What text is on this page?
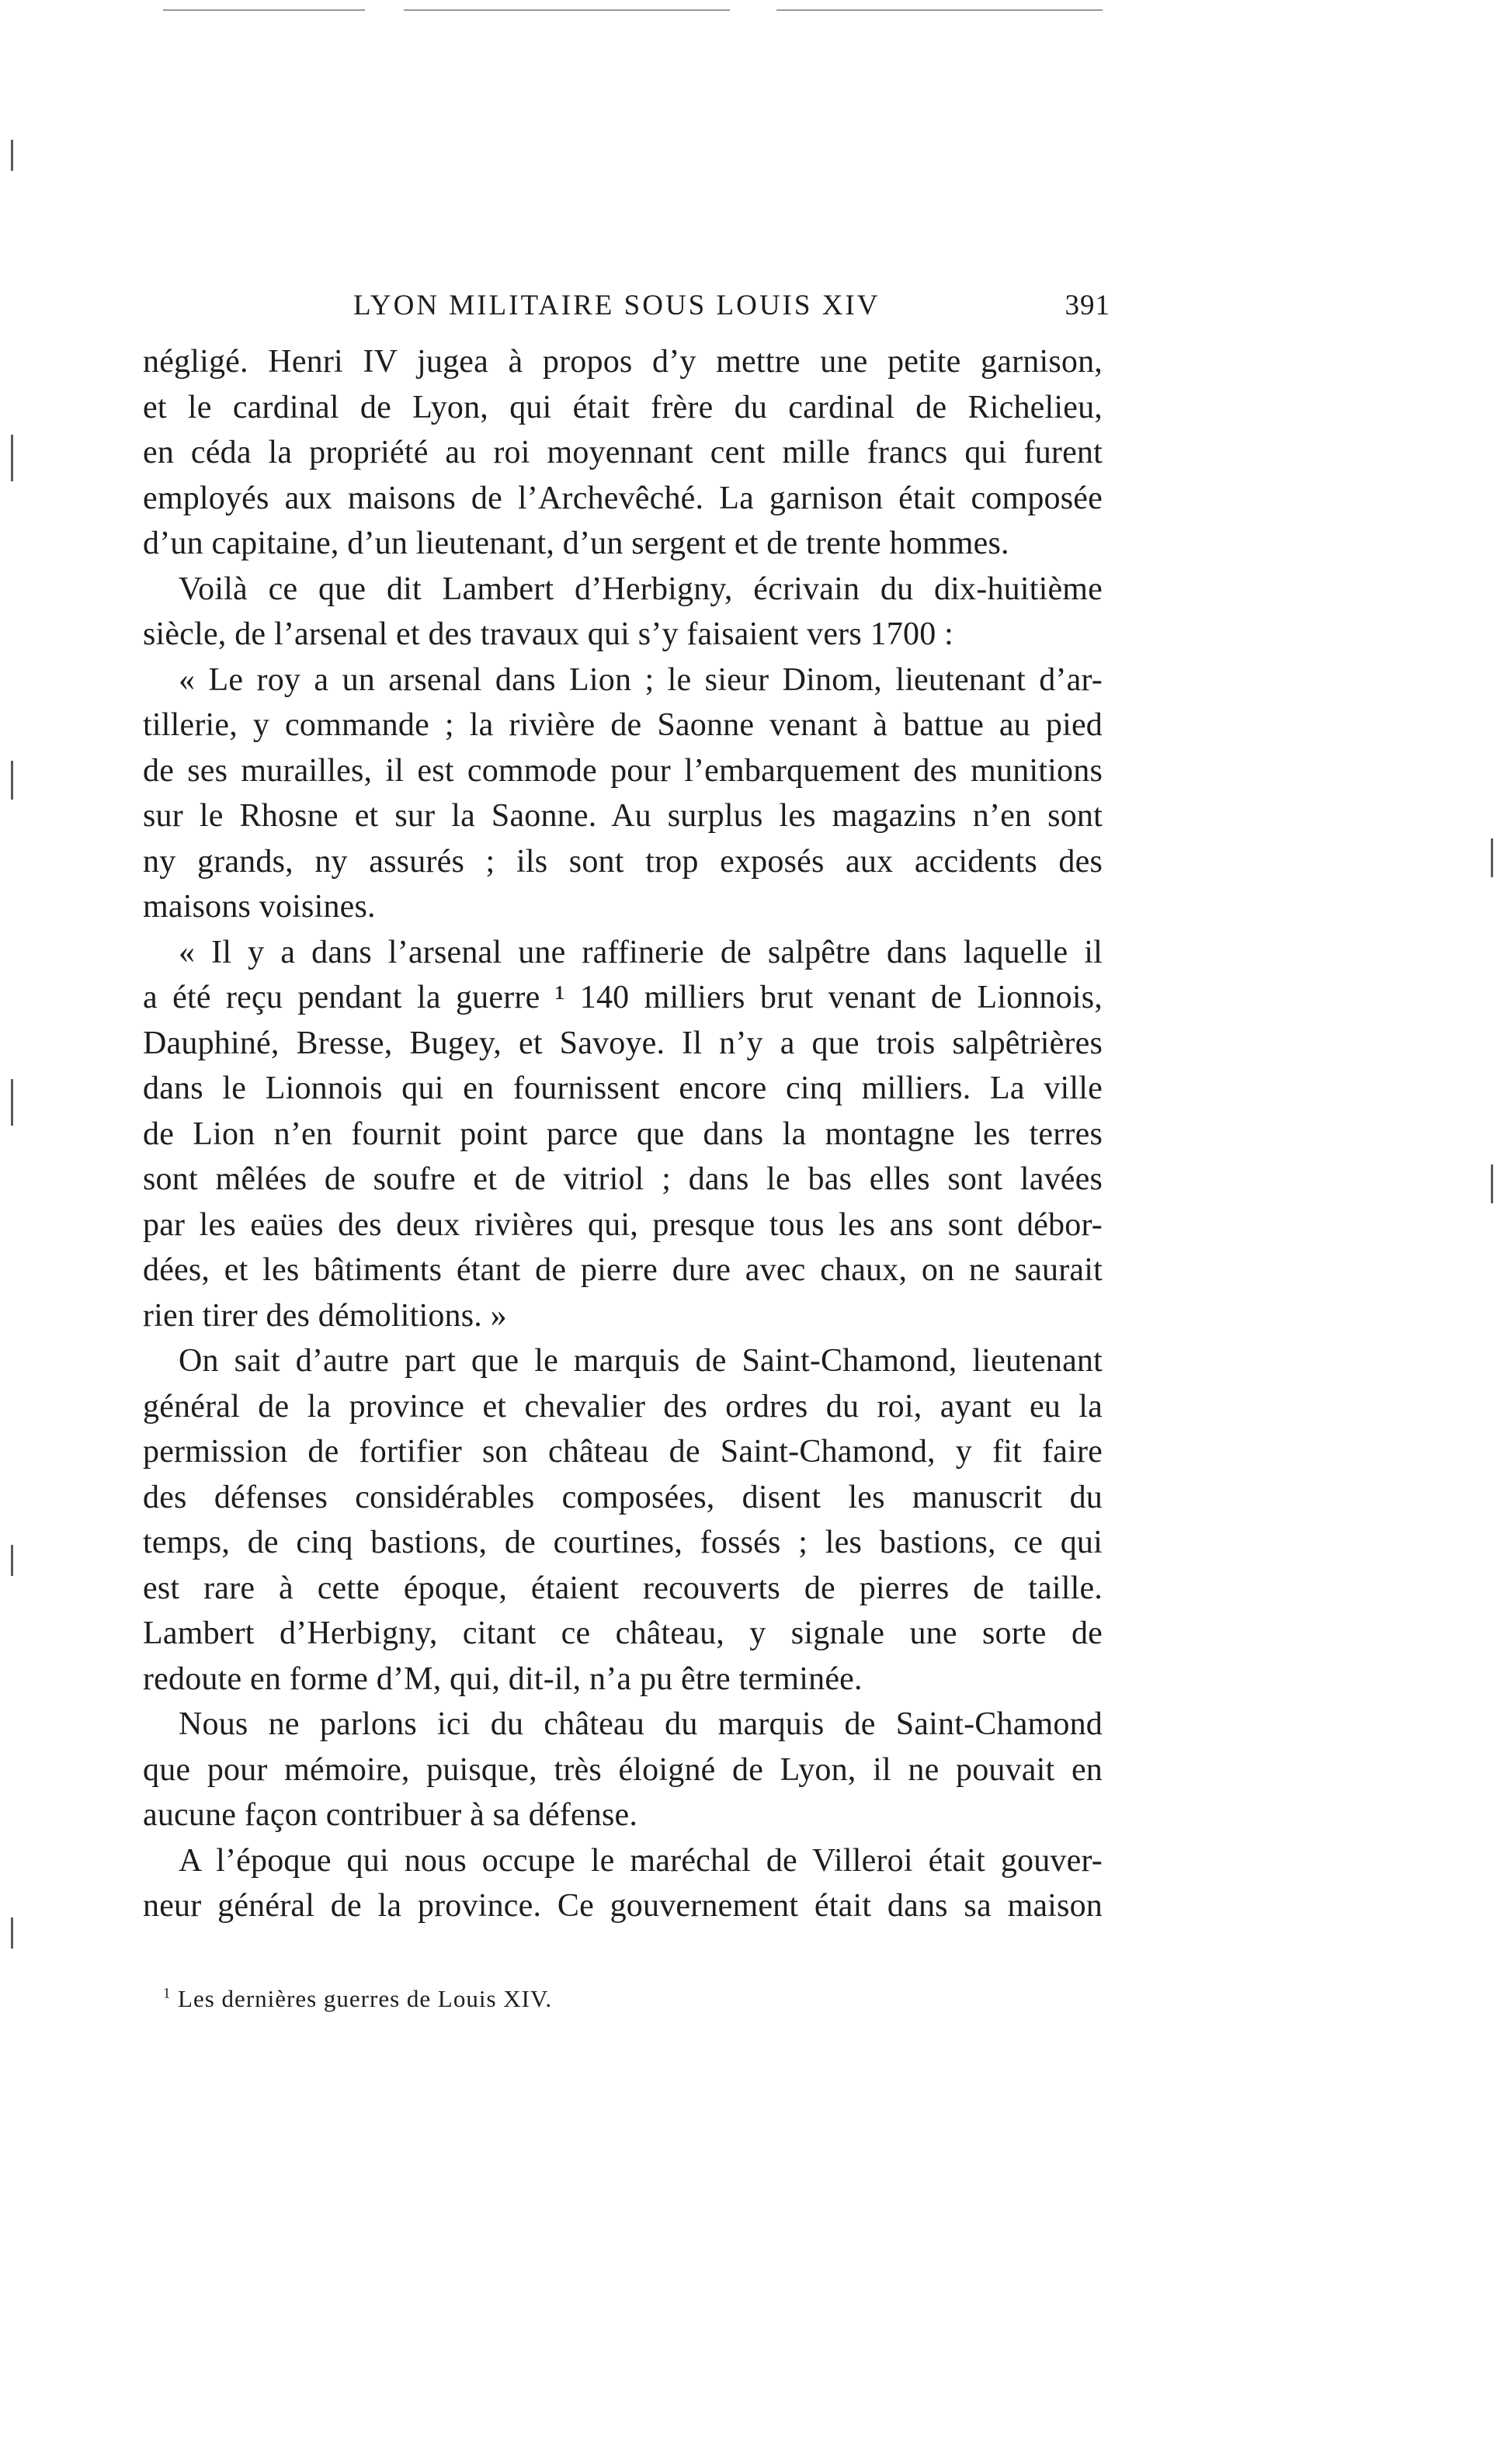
LYON MILITAIRE SOUS LOUIS XIV	391
négligé. Henri IV jugea à propos d’y mettre une petite garnison,
et le cardinal de Lyon, qui était frère du cardinal de Richelieu,
en céda la propriété au roi moyennant cent mille francs qui furent
employés aux maisons de l’Archevêché. La garnison était composée
d’un capitaine, d’un lieutenant, d’un sergent et de trente hommes.
Voilà ce que dit Lambert d’Herbigny, écrivain du dix-huitième
siècle, de l’arsenal et des travaux qui s’y faisaient vers 1700 :
« Le roy a un arsenal dans Lion ; le sieur Dinom, lieutenant d’ar-
tillerie, y commande ; la rivière de Saonne venant à battue au pied
de ses murailles, il est commode pour l’embarquement des munitions
sur le Rhosne et sur la Saonne. Au surplus les magazins n’en sont
ny grands, ny assurés ; ils sont trop exposés aux accidents des
maisons voisines.
« Il y a dans l’arsenal une raffinerie de salpêtre dans laquelle il
a été reçu pendant la guerre ¹ 140 milliers brut venant de Lionnois,
Dauphiné, Bresse, Bugey, et Savoye. Il n’y a que trois salpêtrières
dans le Lionnois qui en fournissent encore cinq milliers. La ville
de Lion n’en fournit point parce que dans la montagne les terres
sont mêlées de soufre et de vitriol ; dans le bas elles sont lavées
par les eaües des deux rivières qui, presque tous les ans sont débor-
dées, et les bâtiments étant de pierre dure avec chaux, on ne saurait
rien tirer des démolitions. »
On sait d’autre part que le marquis de Saint-Chamond, lieutenant
général de la province et chevalier des ordres du roi, ayant eu la
permission de fortifier son château de Saint-Chamond, y fit faire
des défenses considérables composées, disent les manuscrit du
temps, de cinq bastions, de courtines, fossés ; les bastions, ce qui
est rare à cette époque, étaient recouverts de pierres de taille.
Lambert d’Herbigny, citant ce château, y signale une sorte de
redoute en forme d’M, qui, dit-il, n’a pu être terminée.
Nous ne parlons ici du château du marquis de Saint-Chamond
que pour mémoire, puisque, très éloigné de Lyon, il ne pouvait en
aucune façon contribuer à sa défense.
A l’époque qui nous occupe le maréchal de Villeroi était gouver-
neur général de la province. Ce gouvernement était dans sa maison
$^1$ Les dernières guerres de Louis XIV.
